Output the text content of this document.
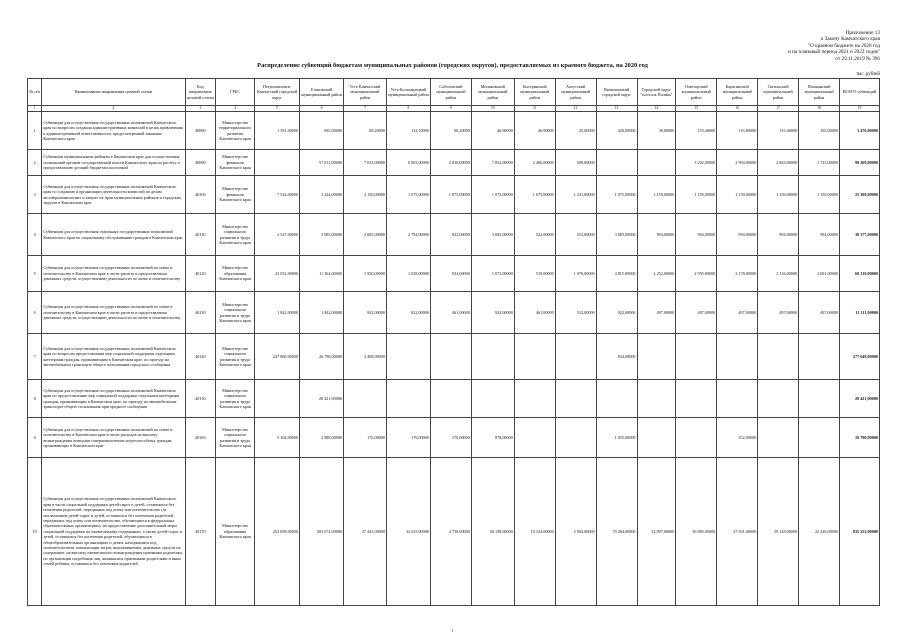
Приложение 13
к Закону Камчатского края
"О краевом бюджете на 2020 год
и на плановый период 2021 и 2022 годов"
от 29.11.2019 № 396
Распределение субвенций бюджетам муниципальных районов (городских округов), предоставляемых из краевого бюджета, на 2020 год
тыс. рублей
№ п/п	Наименование направления целевой статьи	Код направления целевой статьи	ГРБС	Петропавловск-Камчатский городской округ	Елизовский муниципальный район	Усть-Камчатский муниципальный район	Усть-Большерецкий муниципальный район	Соболевский муниципальный район	Мильковский муниципальный район	Быстринский муниципальный район	Алеутский муниципальный район	Вилючинский городской округ	Городской округ "поселок Палана"	Олюторский муниципальный район	Карагинский муниципальный район	Тигильский муниципальный район	Пенжинский муниципальный район	ВСЕГО субвенций
1	2	3	4	5	6	7	8	9	10	11	12	13	14	15	16	17	18	19
1	Субвенции для осуществления государственных полномочий Камчатского края по вопросам создания административных комиссий в целях привлечения к административной ответственности, предусмотренной законами Камчатского края	40080	Министерство территориального развития Камчатского края	1 591,00000	695,00000	68,20000	132,10000	68,20000	46,90000	46,90000	25,60000	426,00000	38,80000	153,40000	116,80000	153,40000	105,00000	3 476,00000
2	Субвенции муниципальным районам в Камчатском крае для осуществления полномочий органов государственной власти Камчатского края по расчету и предоставлению дотаций бюджетам поселений	40090	Министерство финансов Камчатского края		57 012,00000	7 633,00000	6 003,00000	2 030,00000	7 852,00000	2 406,00000	509,00000			3 202,00000	2 994,00000	2 863,00000	1 725,00000	90 269,00000
3	Субвенции для осуществления государственных полномочий Камчатского края по созданию и организации деятельности комиссий по делам несовершеннолетних и защите их прав муниципальных районов и городских округов в Камчатском крае	40100	Министерство финансов Камчатского края	7 524,00000	3 224,00000	2 150,00000	1 075,00000	1 075,00000	1 075,00000	1 075,00000	1 241,00000	1 075,00000	1 159,00000	1 159,00000	1 159,00000	1 159,00000	1 159,00000	25 309,00000
4	Субвенции для осуществления отдельных государственных полномочий Камчатского края по социальному обслуживанию граждан в Камчатском крае	40110	Министерство социального развития и труда Камчатского края	2 527,00000	3 085,00000	2 685,00000	2 794,00000	922,00000	3 683,00000	522,00000	352,00000	3 685,00000	994,00000	994,00000	994,00000	994,00000	994,00000	30 377,00000
5	Субвенции для осуществления государственных полномочий по опеке и попечительству в Камчатском крае в части расчета и предоставления денежных средств, осуществлению деятельности по опеке и попечительству	40120	Министерство образования Камчатского края	23 052,00000	11 362,00000	1 950,00000	1 038,00000	934,00000	1 073,00000	519,00000	1 076,00000	4 815,00000	2 252,00000	2 955,00000	2 178,00000	2 116,00000	2 001,00000	60 310,00000
6	Субвенции для осуществления государственных полномочий по опеке и попечительству в Камчатском крае в части расчета и предоставления денежных средств, осуществлению деятельности по опеке и попечительству	40130	Министерство социального развития и труда Камчатского края	1 842,00000	1 842,00000	922,00000	922,00000	461,00000	922,00000	461,00000	532,00000	922,00000	497,00000	497,00000	497,00000	497,00000	497,00000	11 311,00000
7	Субвенции для осуществления государственных полномочий Камчатского края по вопросам предоставления мер социальной поддержки отдельным категориям граждан, проживающим в Камчатском крае, по проезду на автомобильном транспорте общего пользования городского сообщения	40140	Министерство социального развития и труда Камчатского края	247 860,00000	26 796,00000	2 408,00000						934,00000						277 048,00000
8	Субвенции для осуществления государственных полномочий Камчатского края по предоставлению мер социальной поддержки отдельным категориям граждан, проживающим в Камчатском крае, по проезду на автомобильном транспорте общего пользования пригородного сообщения	40150	Министерство социального развития и труда Камчатского края		28 421,00000													28 421,00000
9	Субвенции для осуществления государственных полномочий по опеке и попечительству в Камчатском крае в части расходов на выплату вознаграждения опекунам совершеннолетних недееспособных граждан, проживающих в Камчатском крае	40160	Министерство социального развития и труда Камчатского края	5 104,00000	2 988,00000	176,00000	176,00000	176,00000	878,00000			1 035,00000			352,00000			10 790,00000
10	Субвенции для осуществления государственных полномочий Камчатского края в части социальной поддержки детей-сирот и детей, оставшихся без попечения родителей, переданных под опеку или попечительство (за исключением детей-сирот и детей, оставшихся без попечения родителей, переданных под опеку или попечительство, обучающихся в федеральных образовательных организациях), на предоставление дополнительной меры социальной поддержки по ежемесячному содержанию, а также детей-сирот и детей, оставшихся без попечения родителей, обучающихся в общеобразовательных организациях и детям, находящимся под попечительством, компенсации затрат, выплачиваемых денежных средств на содержание, на выплату ежемесячного вознаграждения приемным родителям, по организации погребения лиц, являвшихся приемными родителями и иных семей ребёнка, оставшихся без попечения родителей	40170	Министерство образования Камчатского края	252 858,00000	203 674,00000	37 443,00000	34 525,00000	4 758,00000	50 158,00000	10 324,00000	2 904,00000	70 494,00000	32 097,00000	36 883,00000	27 501,00000	29 148,00000	22 446,00000	835 252,00000
1
